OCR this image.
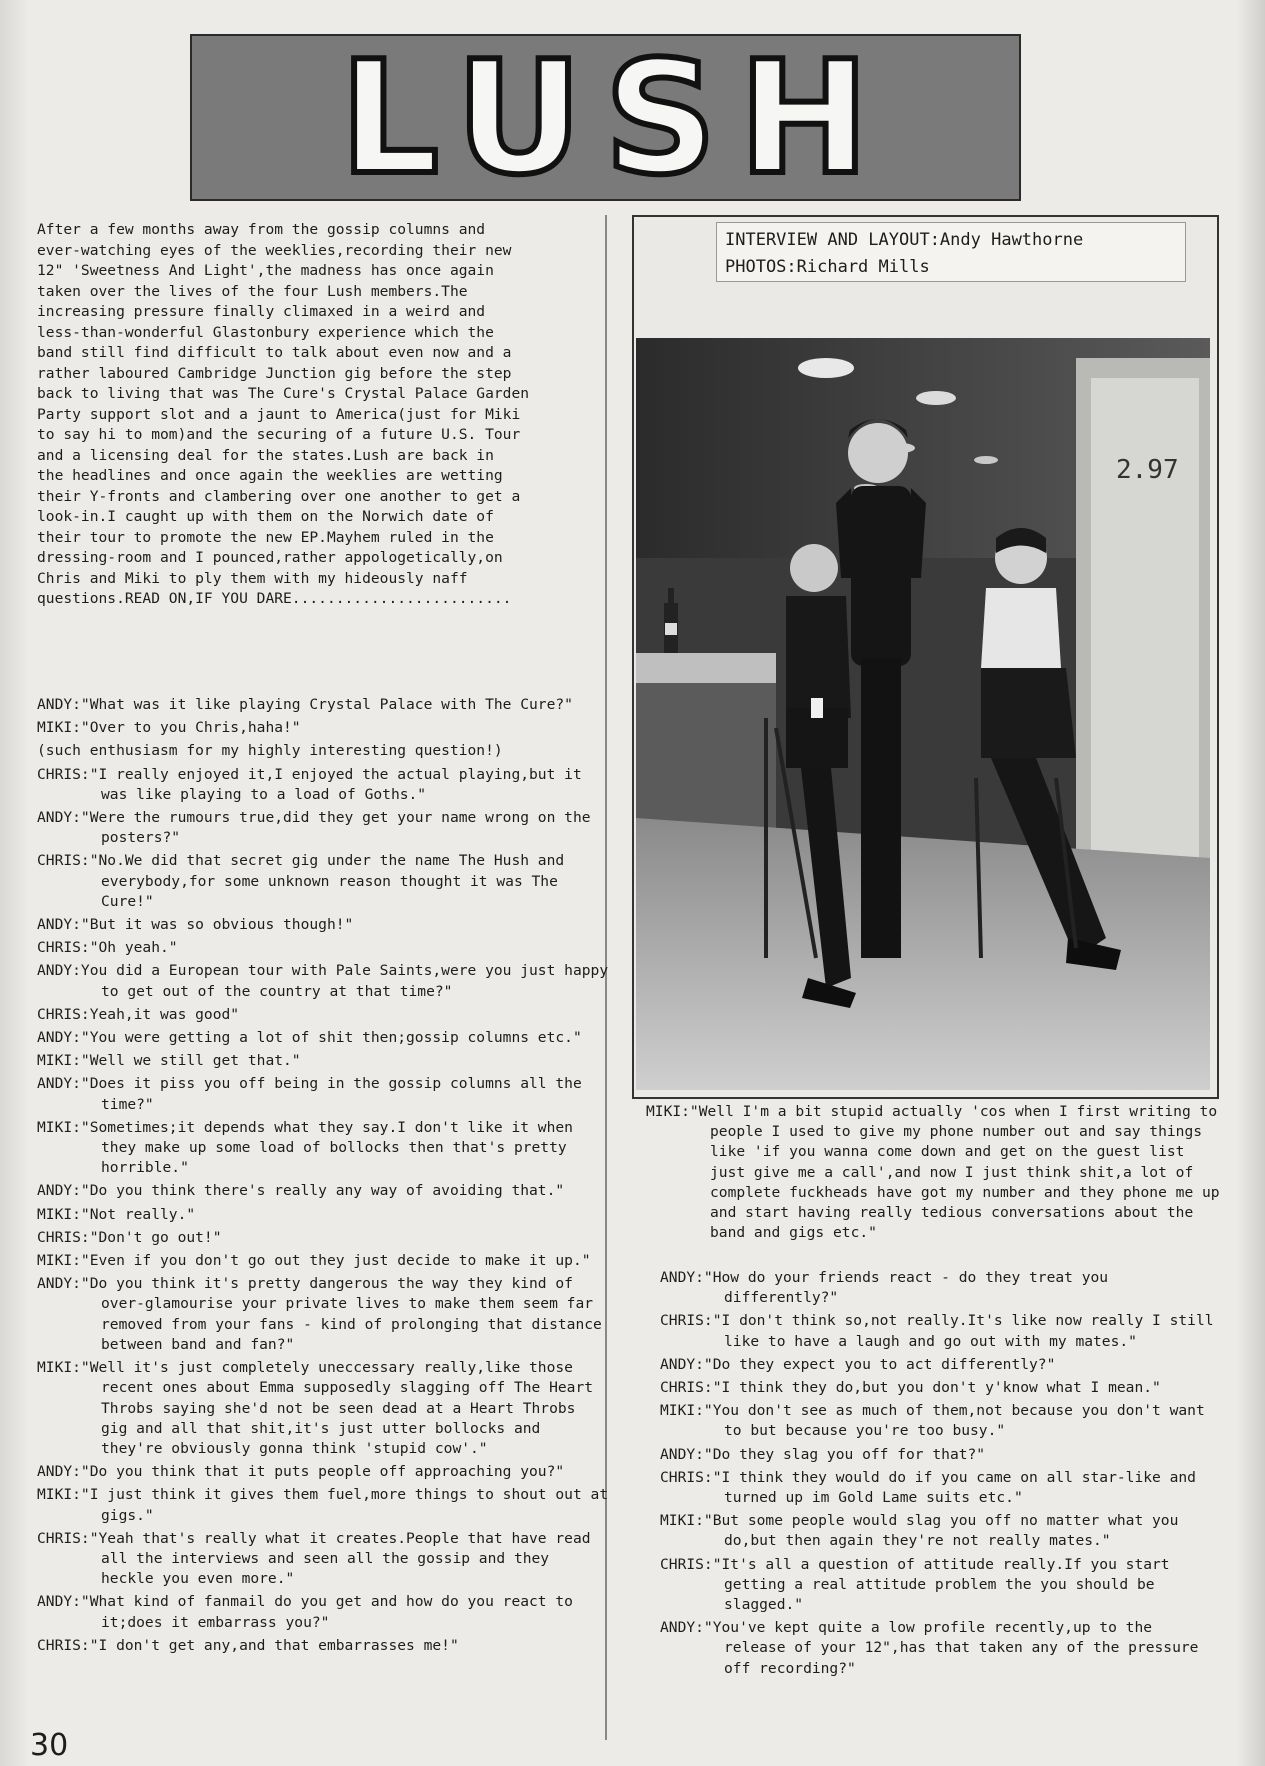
LUSH
After a few months away from the gossip columns and
ever-watching eyes of the weeklies,recording their new
12" 'Sweetness And Light',the madness has once again
taken over the lives of the four Lush members.The
increasing pressure finally climaxed in a weird and
less-than-wonderful Glastonbury experience which the
band still find difficult to talk about even now and a
rather laboured Cambridge Junction gig before the step
back to living that was The Cure's Crystal Palace Garden
Party support slot and a jaunt to America(just for Miki
to say hi to mom)and the securing of a future U.S. Tour
and a licensing deal for the states.Lush are back in
the headlines and once again the weeklies are wetting
their Y-fronts and clambering over one another to get a
look-in.I caught up with them on the Norwich date of
their tour to promote the new EP.Mayhem ruled in the
dressing-room and I pounced,rather appologetically,on
Chris and Miki to ply them with my hideously naff
questions.READ ON,IF YOU DARE.........................
INTERVIEW AND LAYOUT:Andy Hawthorne
PHOTOS:Richard Mills
2.97
ANDY:"What was it like playing Crystal Palace with The Cure?"
MIKI:"Over to you Chris,haha!"
(such enthusiasm for my highly interesting question!)
CHRIS:"I really enjoyed it,I enjoyed the actual playing,but it was like playing to a load of Goths."
ANDY:"Were the rumours true,did they get your name wrong on the posters?"
CHRIS:"No.We did that secret gig under the name The Hush and everybody,for some unknown reason thought it was The Cure!"
ANDY:"But it was so obvious though!"
CHRIS:"Oh yeah."
ANDY:You did a European tour with Pale Saints,were you just happy to get out of the country at that time?"
CHRIS:Yeah,it was good"
ANDY:"You were getting a lot of shit then;gossip columns etc."
MIKI:"Well we still get that."
ANDY:"Does it piss you off being in the gossip columns all the time?"
MIKI:"Sometimes;it depends what they say.I don't like it when they make up some load of bollocks then that's pretty horrible."
ANDY:"Do you think there's really any way of avoiding that."
MIKI:"Not really."
CHRIS:"Don't go out!"
MIKI:"Even if you don't go out they just decide to make it up."
ANDY:"Do you think it's pretty dangerous the way they kind of over-glamourise your private lives to make them seem far removed from your fans - kind of prolonging that distance between band and fan?"
MIKI:"Well it's just completely uneccessary really,like those recent ones about Emma supposedly slagging off The Heart Throbs saying she'd not be seen dead at a Heart Throbs gig and all that shit,it's just utter bollocks and they're obviously gonna think 'stupid cow'."
ANDY:"Do you think that it puts people off approaching you?"
MIKI:"I just think it gives them fuel,more things to shout out at gigs."
CHRIS:"Yeah that's really what it creates.People that have read all the interviews and seen all the gossip and they heckle you even more."
ANDY:"What kind of fanmail do you get and how do you react to it;does it embarrass you?"
CHRIS:"I don't get any,and that embarrasses me!"
MIKI:"Well I'm a bit stupid actually 'cos when I first writing to people I used to give my phone number out and say things like 'if you wanna come down and get on the guest list just give me a call',and now I just think shit,a lot of complete fuckheads have got my number and they phone me up and start having really tedious conversations about the band and gigs etc."
ANDY:"How do your friends react - do they treat you differently?"
CHRIS:"I don't think so,not really.It's like now really I still like to have a laugh and go out with my mates."
ANDY:"Do they expect you to act differently?"
CHRIS:"I think they do,but you don't y'know what I mean."
MIKI:"You don't see as much of them,not because you don't want to but because you're too busy."
ANDY:"Do they slag you off for that?"
CHRIS:"I think they would do if you came on all star-like and turned up im Gold Lame suits etc."
MIKI:"But some people would slag you off no matter what you do,but then again they're not really mates."
CHRIS:"It's all a question of attitude really.If you start getting a real attitude problem the you should be slagged."
ANDY:"You've kept quite a low profile recently,up to the release of your 12",has that taken any of the pressure off recording?"
30
